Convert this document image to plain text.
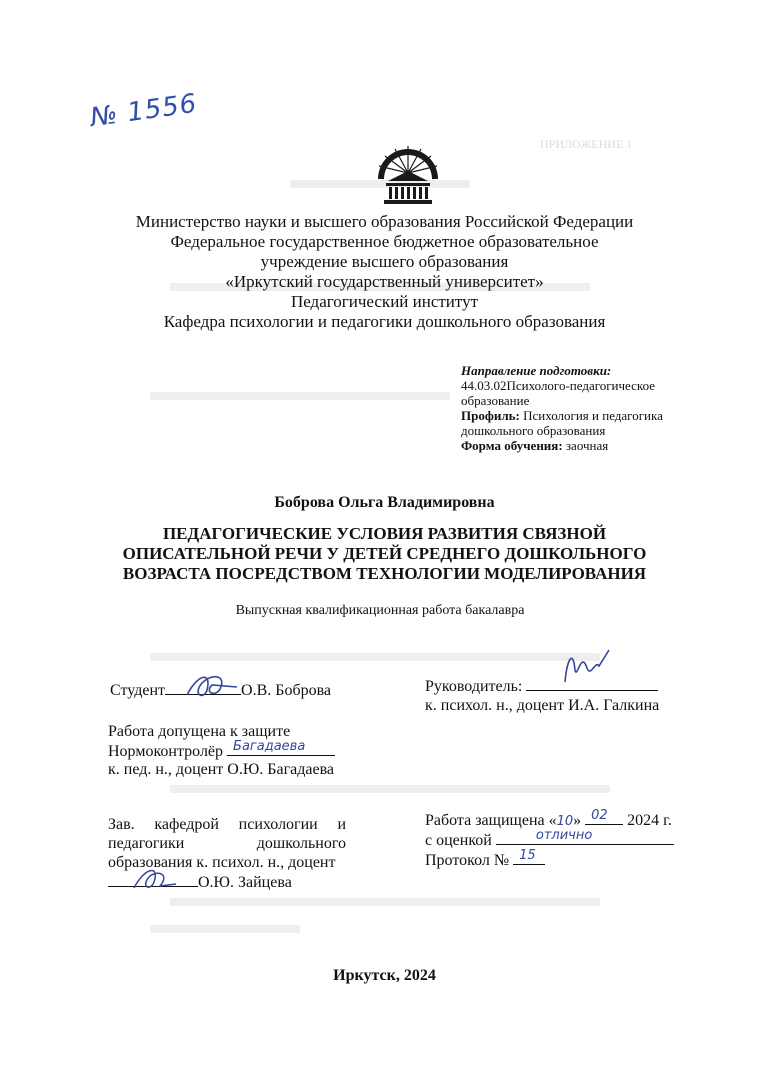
ПРИЛОЖЕНИЕ 1
№ 1556
Министерство науки и высшего образования Российской Федерации
Федеральное государственное бюджетное образовательное
учреждение высшего образования
«Иркутский государственный университет»
Педагогический институт
Кафедра психологии и педагогики дошкольного образования
Направление подготовки:
44.03.02Психолого-педагогическое
образование
Профиль: Психология и педагогика
дошкольного образования
Форма обучения: заочная
Боброва Ольга Владимировна
ПЕДАГОГИЧЕСКИЕ УСЛОВИЯ РАЗВИТИЯ СВЯЗНОЙ
ОПИСАТЕЛЬНОЙ РЕЧИ У ДЕТЕЙ СРЕДНЕГО ДОШКОЛЬНОГО
ВОЗРАСТА ПОСРЕДСТВОМ ТЕХНОЛОГИИ МОДЕЛИРОВАНИЯ
Выпускная квалификационная работа бакалавра
Студент	О.В. Боброва	Руководитель:
к. психол. н., доцент И.А. Галкина
Работа допущена к защите
Нормоконтролёр Багадаева
к. пед. н., доцент О.Ю. Багадаева
Зав. кафедрой психологии и педагогики дошкольного образования к. психол. н., доцент
О.Ю. Зайцева
Работа защищена «10» 02 2024 г.
с оценкой	отлично
Протокол № 15
Иркутск, 2024
